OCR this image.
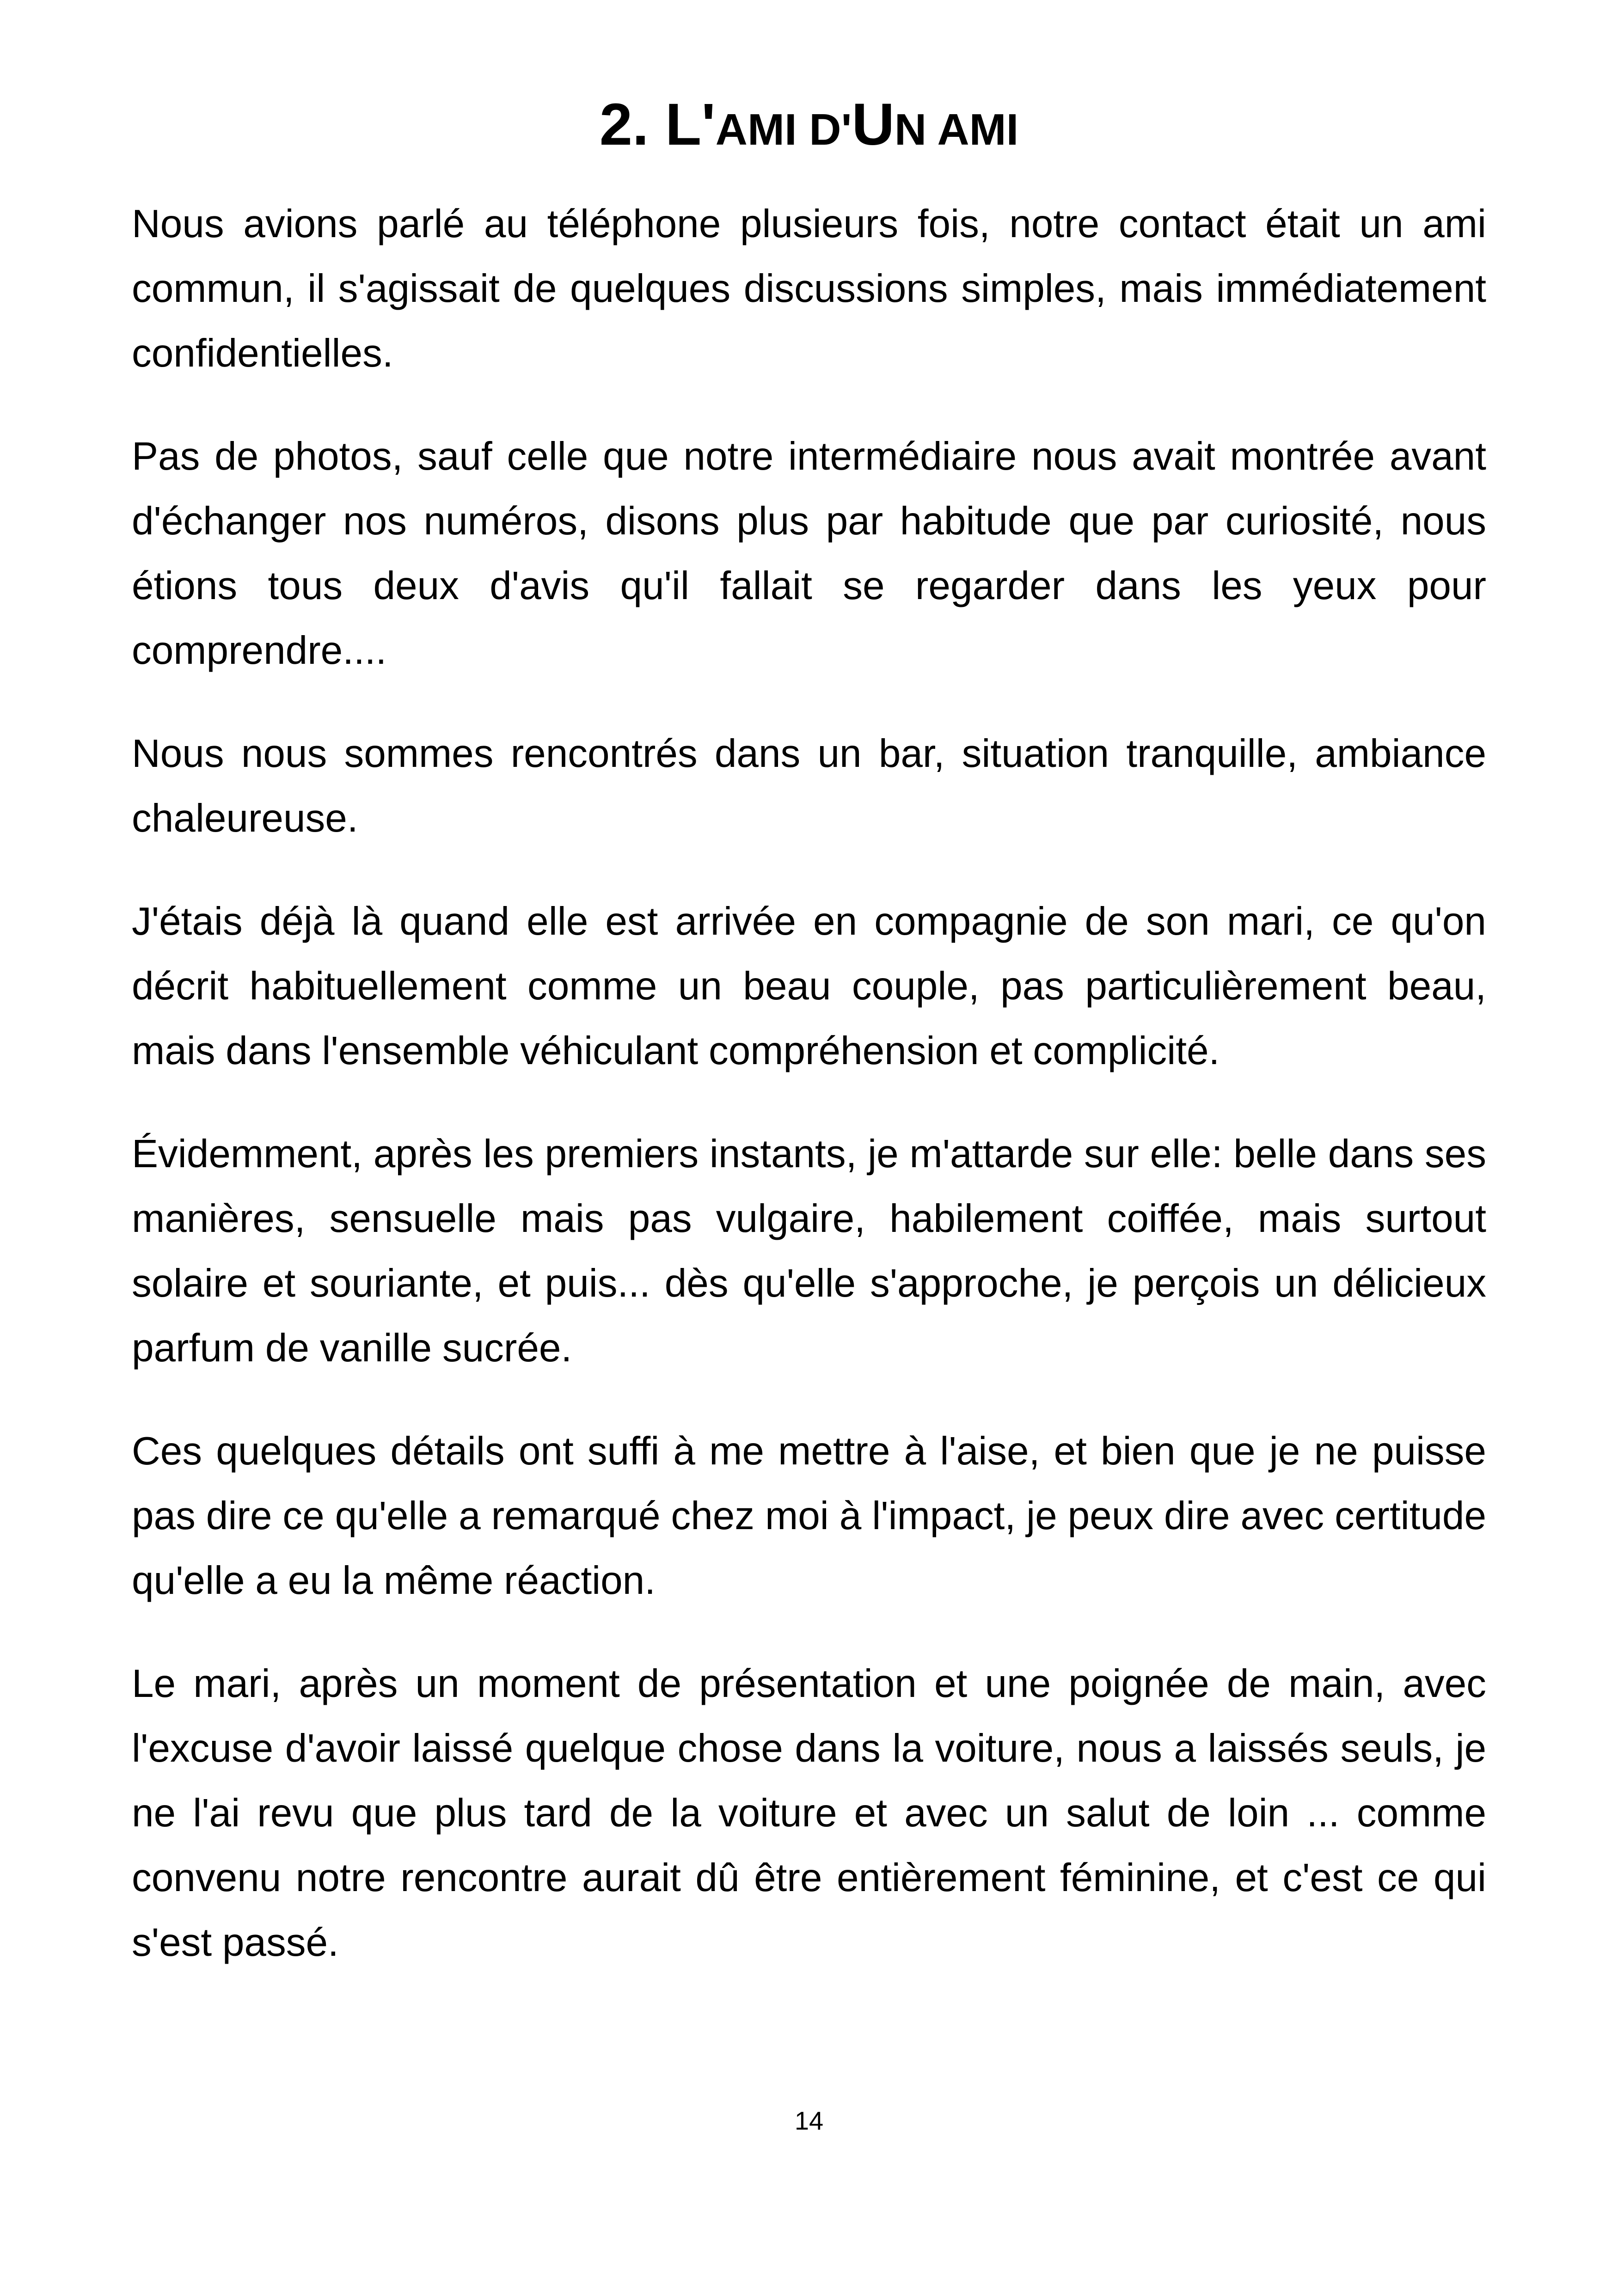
2. L'AMI D'UN AMI

Nous avions parlé au téléphone plusieurs fois, notre contact était un ami commun, il s'agissait de quelques discussions simples, mais immédiatement confidentielles.

Pas de photos, sauf celle que notre intermédiaire nous avait montrée avant d'échanger nos numéros, disons plus par habitude que par curiosité, nous étions tous deux d'avis qu'il fallait se regarder dans les yeux pour comprendre....

Nous nous sommes rencontrés dans un bar, situation tranquille, ambiance chaleureuse.

J'étais déjà là quand elle est arrivée en compagnie de son mari, ce qu'on décrit habituellement comme un beau couple, pas particulièrement beau, mais dans l'ensemble véhiculant compréhension et complicité.

Évidemment, après les premiers instants, je m'attarde sur elle: belle dans ses manières, sensuelle mais pas vulgaire, habilement coiffée, mais surtout solaire et souriante, et puis... dès qu'elle s'approche, je perçois un délicieux parfum de vanille sucrée.

Ces quelques détails ont suffi à me mettre à l'aise, et bien que je ne puisse pas dire ce qu'elle a remarqué chez moi à l'impact, je peux dire avec certitude qu'elle a eu la même réaction.

Le mari, après un moment de présentation et une poignée de main, avec l'excuse d'avoir laissé quelque chose dans la voiture, nous a laissés seuls, je ne l'ai revu que plus tard de la voiture et avec un salut de loin ... comme convenu notre rencontre aurait dû être entièrement féminine, et c'est ce qui s'est passé.

14
